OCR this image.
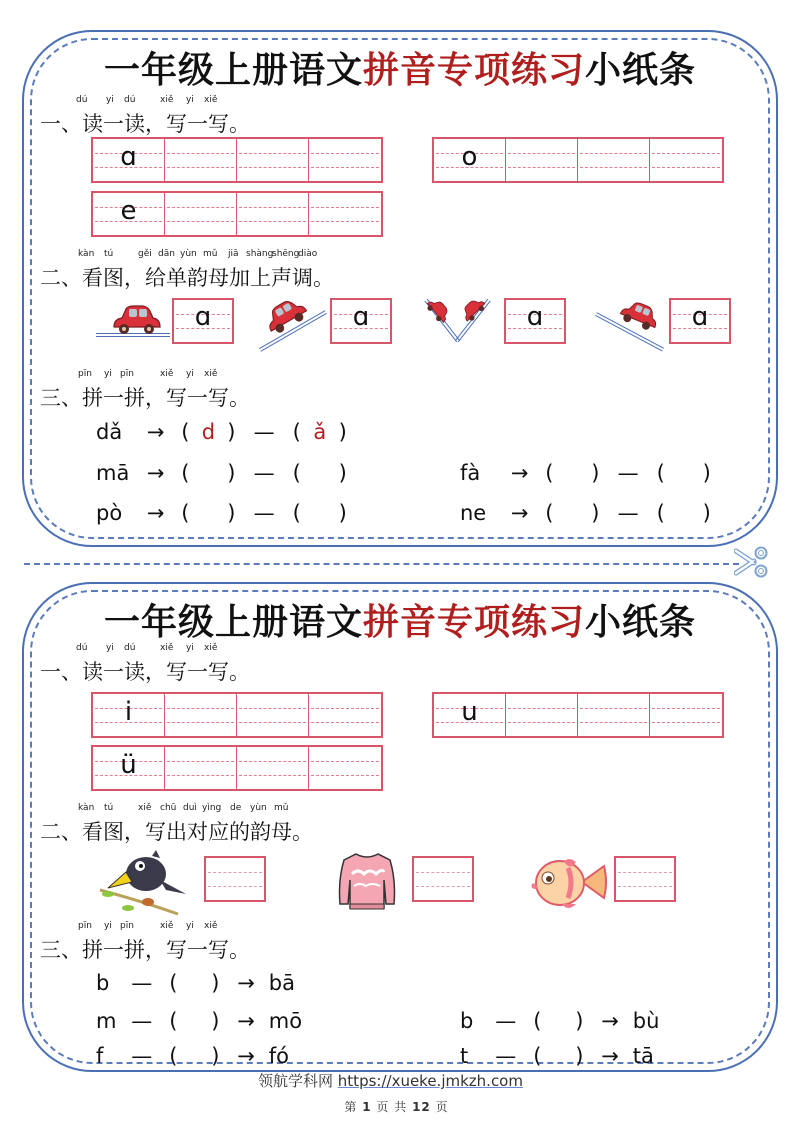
一年级上册语文拼音专项练习小纸条
dú yi dú	xiě yi xiě
一、读一读，写一写。
ɑ	o
e
kàn tú	gěi dān yùn mǔ jiā shàng
shēng
diào
二、看图，给单韵母加上声调。
ɑ	ɑ	ɑ	ɑ
pīn yi pīn	xiě yi xiě
三、拼一拼，写一写。
dǎ → ( d ) — ( ǎ )
mā → ( ) — ( )
pò → ( ) — ( )
fà → ( ) — ( )
ne → ( ) — ( )
一年级上册语文拼音专项练习小纸条
dú yi dú	xiě yi xiě
一、读一读，写一写。
i	u
ü
kàn tú	xiě chū duì yìng de yùn mǔ
二、看图，写出对应的韵母。
pīn yi pīn	xiě yi xiě
三、拼一拼，写一写。
b — ( ) → bā
m — ( ) → mō
f — ( ) → fó
b — ( ) → bù
t — ( ) → tā
领航学科网 https://xueke.jmkzh.com
第 1 页 共 12 页
